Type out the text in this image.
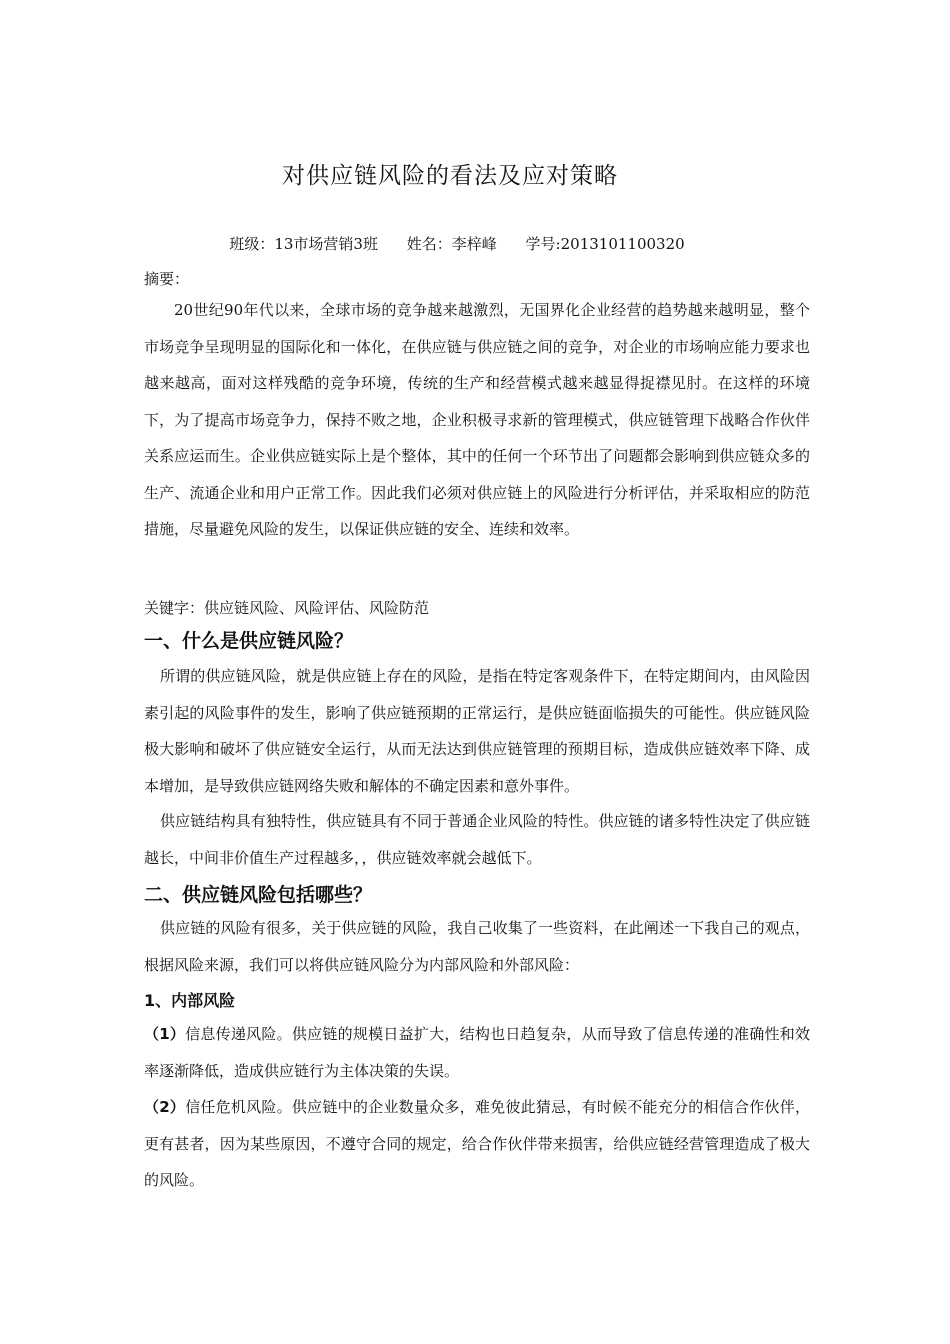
对供应链风险的看法及应对策略
班级：13市场营销3班 姓名：李梓峰 学号:2013101100320
摘要：

20世纪90年代以来，全球市场的竞争越来越激烈，无国界化企业经营的趋势越来越明显，整个市场竞争呈现明显的国际化和一体化，在供应链与供应链之间的竞争，对企业的市场响应能力要求也越来越高，面对这样残酷的竞争环境，传统的生产和经营模式越来越显得捉襟见肘。在这样的环境下，为了提高市场竞争力，保持不败之地，企业积极寻求新的管理模式，供应链管理下战略合作伙伴关系应运而生。企业供应链实际上是个整体，其中的任何一个环节出了问题都会影响到供应链众多的生产、流通企业和用户正常工作。因此我们必须对供应链上的风险进行分析评估，并采取相应的防范措施，尽量避免风险的发生，以保证供应链的安全、连续和效率。

关键字：供应链风险、风险评估、风险防范
一、什么是供应链风险？

所谓的供应链风险，就是供应链上存在的风险，是指在特定客观条件下，在特定期间内，由风险因素引起的风险事件的发生，影响了供应链预期的正常运行，是供应链面临损失的可能性。供应链风险极大影响和破坏了供应链安全运行，从而无法达到供应链管理的预期目标，造成供应链效率下降、成本增加，是导致供应链网络失败和解体的不确定因素和意外事件。

供应链结构具有独特性，供应链具有不同于普通企业风险的特性。供应链的诸多特性决定了供应链越长，中间非价值生产过程越多，，供应链效率就会越低下。

二、供应链风险包括哪些？

供应链的风险有很多，关于供应链的风险，我自己收集了一些资料，在此阐述一下我自己的观点，根据风险来源，我们可以将供应链风险分为内部风险和外部风险：

1、内部风险

（1）信息传递风险。供应链的规模日益扩大，结构也日趋复杂，从而导致了信息传递的准确性和效率逐渐降低，造成供应链行为主体决策的失误。

（2）信任危机风险。供应链中的企业数量众多，难免彼此猜忌，有时候不能充分的相信合作伙伴，更有甚者，因为某些原因，不遵守合同的规定，给合作伙伴带来损害，给供应链经营管理造成了极大的风险。
